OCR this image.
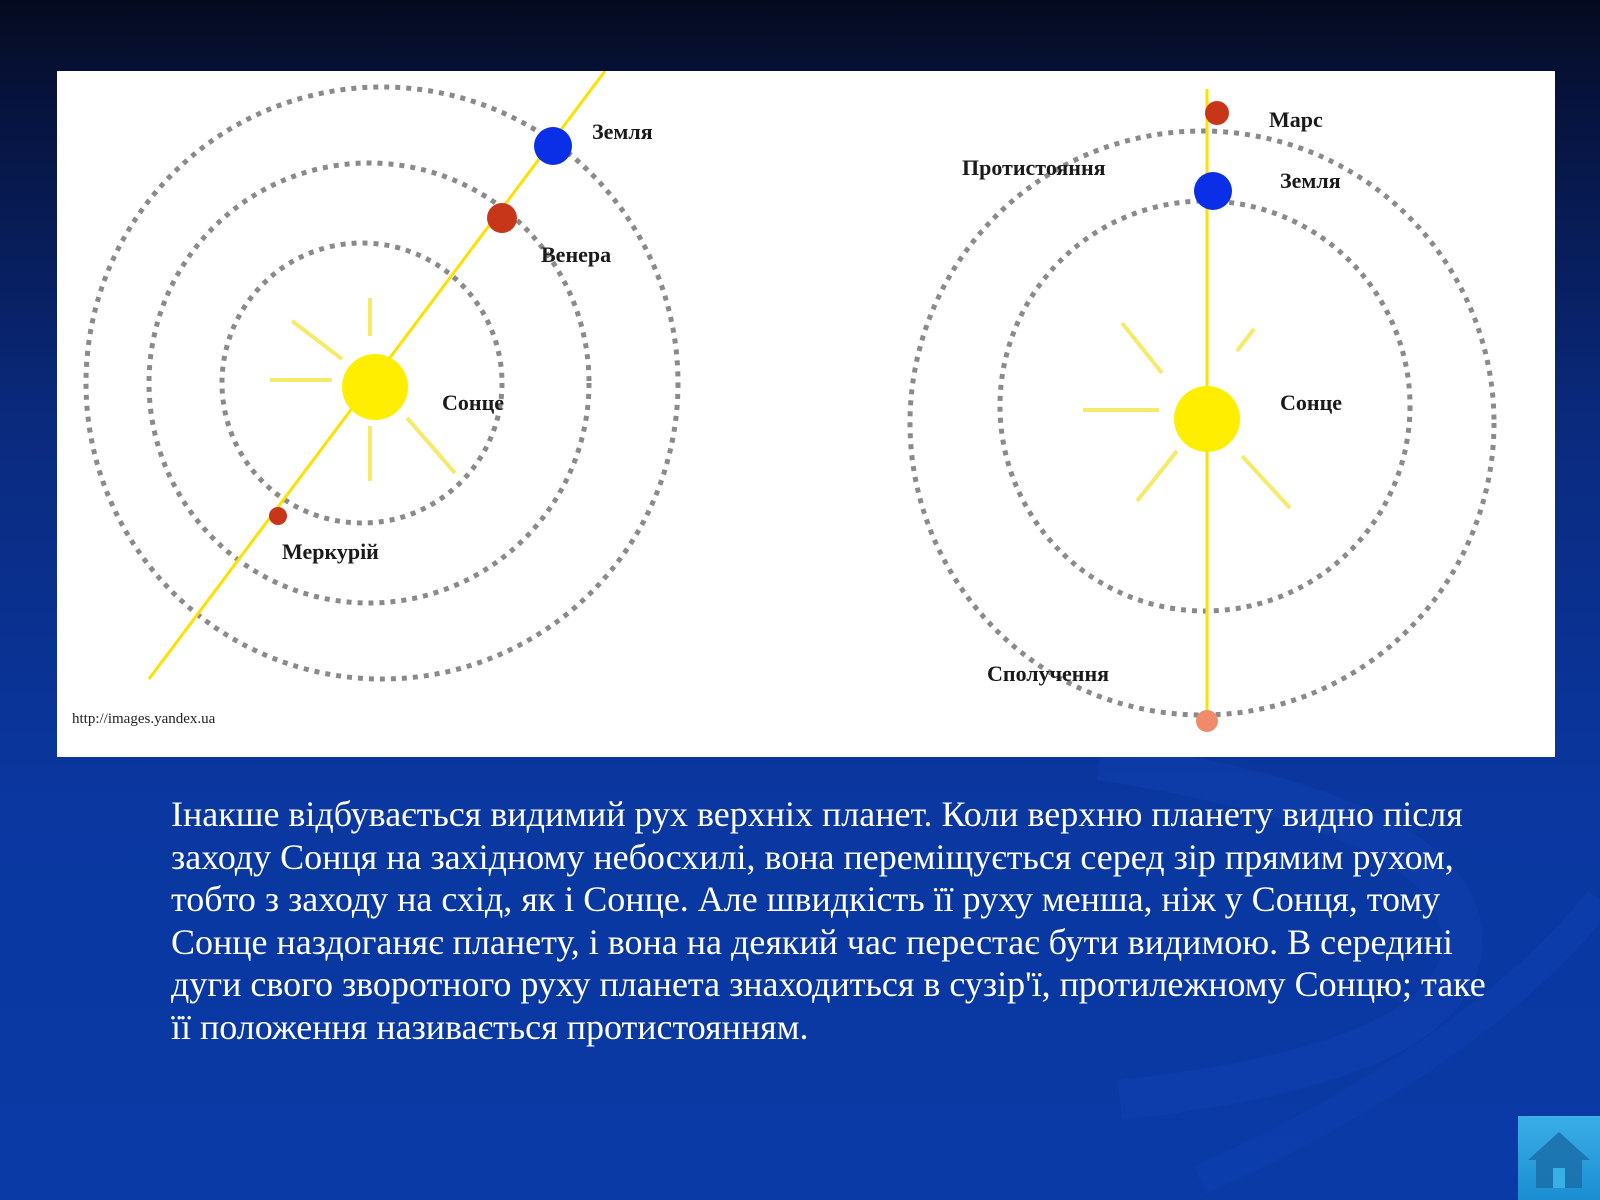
Земля
Венера
Сонце
Меркурій
http://images.yandex.ua
Марс
Протистояння
Земля
Сонце
Сполучення

Інакше відбувається видимий рух верхніх планет. Коли верхню планету видно після заходу Сонця на західному небосхилі, вона переміщується серед зір прямим рухом, тобто з заходу на схід, як і Сонце. Але швидкість її руху менша, ніж у Сонця, тому Сонце наздоганяє планету, і вона на деякий час перестає бути видимою. В середині дуги свого зворотного руху планета знаходиться в сузір'ї, протилежному Сонцю; таке її положення називається протистоянням.
